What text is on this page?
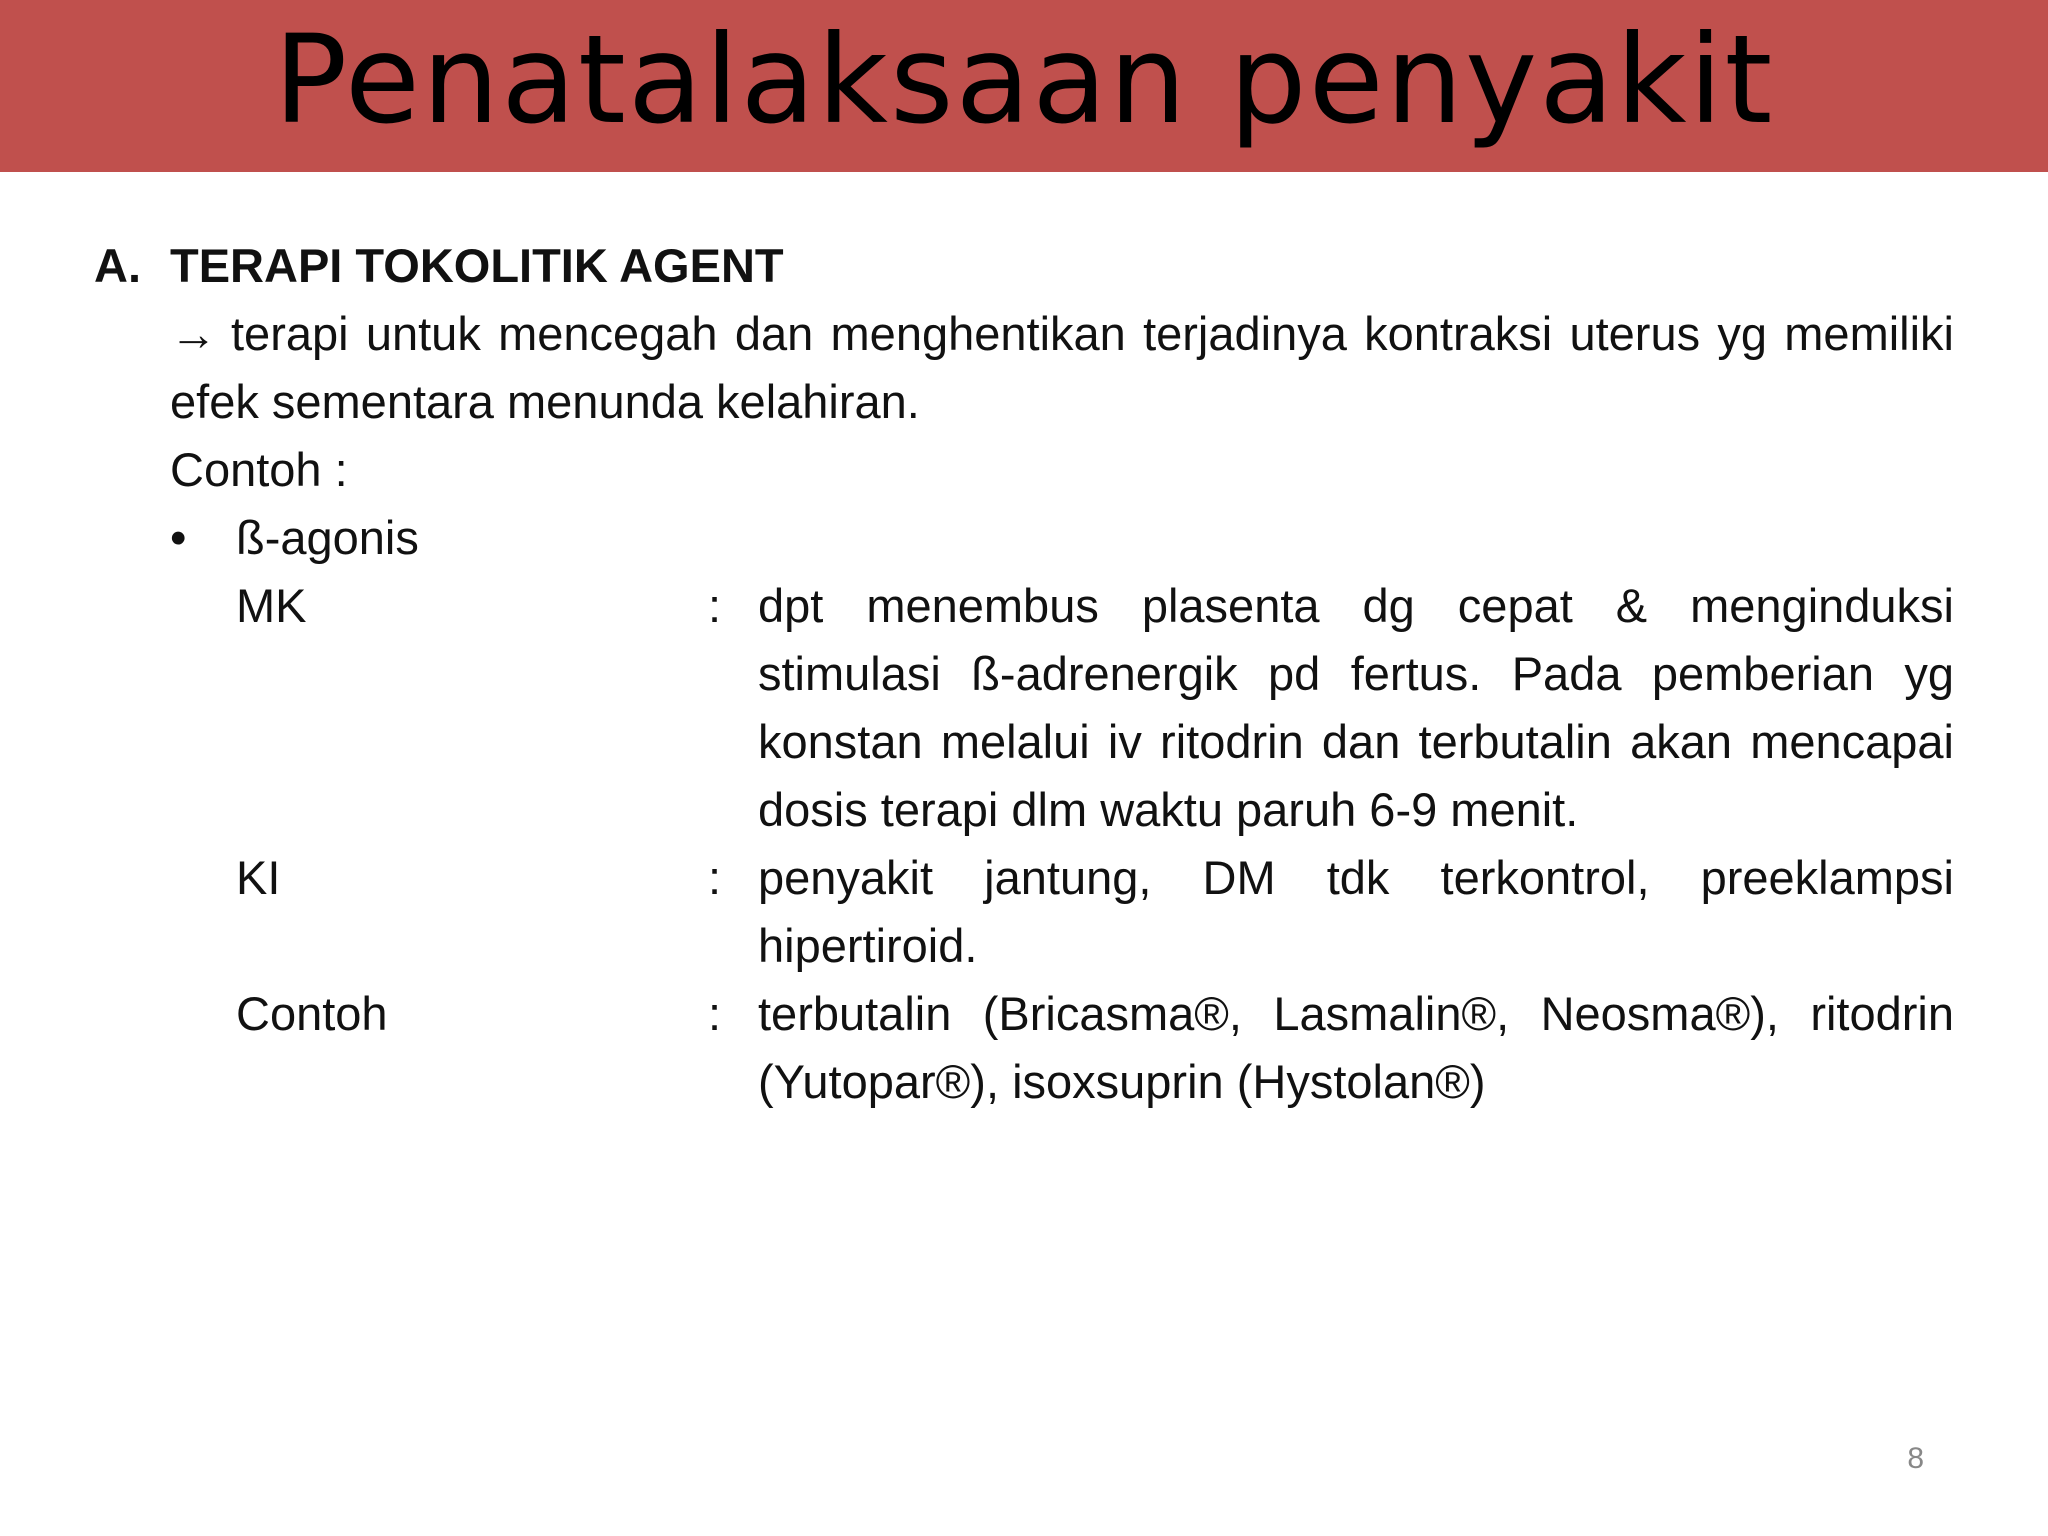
Penatalaksaan penyakit
A. TERAPI TOKOLITIK AGENT
→ terapi untuk mencegah dan menghentikan terjadinya kontraksi uterus yg memiliki efek sementara menunda kelahiran.
Contoh :
• ß-agonis
MK	: dpt menembus plasenta dg cepat & menginduksi stimulasi ß-adrenergik pd fertus. Pada pemberian yg konstan melalui iv ritodrin dan terbutalin akan mencapai dosis terapi dlm waktu paruh 6-9 menit.
KI	: penyakit jantung, DM tdk terkontrol, preeklampsi hipertiroid.
Contoh	: terbutalin (Bricasma®, Lasmalin®, Neosma®), ritodrin (Yutopar®), isoxsuprin (Hystolan®)
8
